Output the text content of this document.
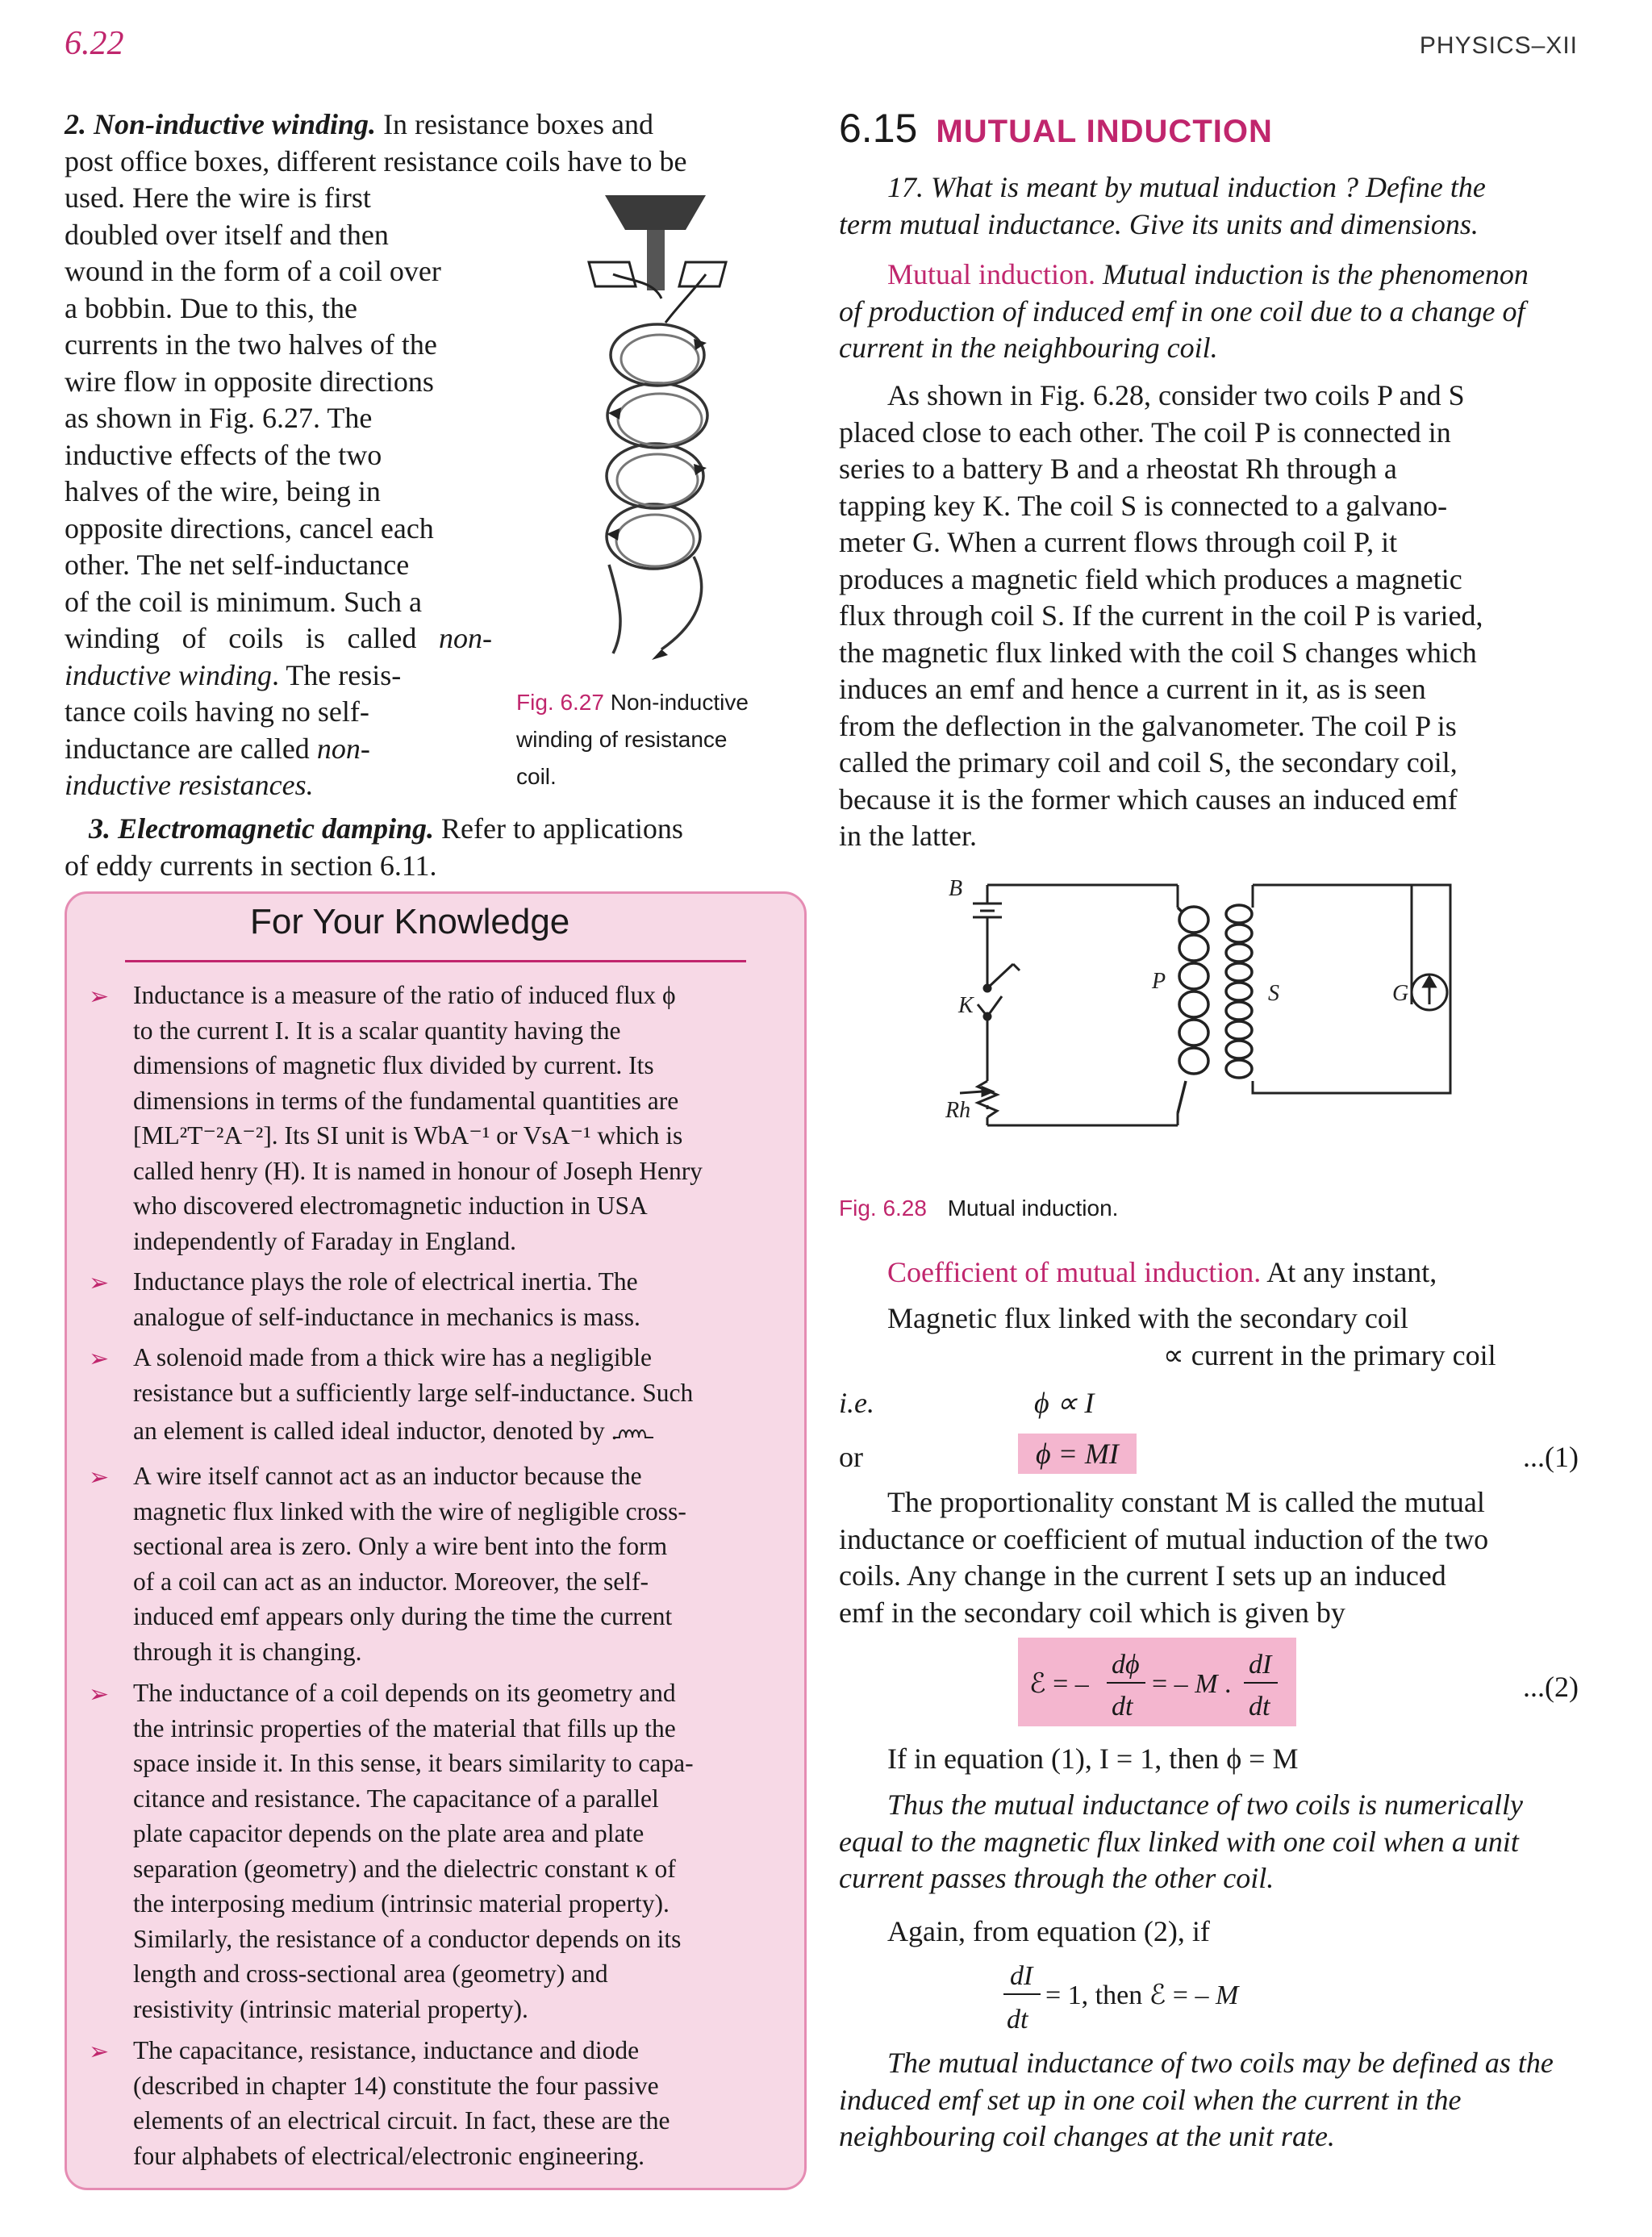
6.22	PHYSICS–XII

2. Non-inductive winding. In resistance boxes and

post office boxes, different resistance coils have to be

used. Here the wire is first

doubled over itself and then

wound in the form of a coil over

a bobbin. Due to this, the

currents in the two halves of the

wire flow in opposite directions

as shown in Fig. 6.27. The

inductive effects of the two

halves of the wire, being in

opposite directions, cancel each

other. The net self-inductance

of the coil is minimum. Such a

winding of coils is called non-inductive winding. The resis-

tance coils having no self-

inductance are called non-

inductive resistances.

Fig. 6.27 Non-inductive

winding of resistance

coil.

3. Electromagnetic damping. Refer to applications

of eddy currents in section 6.11.

For Your Knowledge
➢ Inductance is a measure of the ratio of induced flux ϕ

to the current I. It is a scalar quantity having the

dimensions of magnetic flux divided by current. Its

dimensions in terms of the fundamental quantities are

[ML²T⁻²A⁻²]. Its SI unit is WbA⁻¹ or VsA⁻¹ which is

called henry (H). It is named in honour of Joseph Henry

who discovered electromagnetic induction in USA

independently of Faraday in England.

➢ Inductance plays the role of electrical inertia. The

analogue of self-inductance in mechanics is mass.

➢ A solenoid made from a thick wire has a negligible

resistance but a sufficiently large self-inductance. Such

an element is called ideal inductor, denoted by .

➢ A wire itself cannot act as an inductor because the

magnetic flux linked with the wire of negligible cross-

sectional area is zero. Only a wire bent into the form

of a coil can act as an inductor. Moreover, the self-

induced emf appears only during the time the current

through it is changing.

➢ The inductance of a coil depends on its geometry and

the intrinsic properties of the material that fills up the

space inside it. In this sense, it bears similarity to capa-

citance and resistance. The capacitance of a parallel

plate capacitor depends on the plate area and plate

separation (geometry) and the dielectric constant κ of

the interposing medium (intrinsic material property).

Similarly, the resistance of a conductor depends on its

length and cross-sectional area (geometry) and

resistivity (intrinsic material property).

➢ The capacitance, resistance, inductance and diode

(described in chapter 14) constitute the four passive

elements of an electrical circuit. In fact, these are the

four alphabets of electrical/electronic engineering.

6.15 MUTUAL INDUCTION

17. What is meant by mutual induction ? Define the

term mutual inductance. Give its units and dimensions.

Mutual induction. Mutual induction is the phenomenon

of production of induced emf in one coil due to a change of

current in the neighbouring coil.

As shown in Fig. 6.28, consider two coils P and S

placed close to each other. The coil P is connected in

series to a battery B and a rheostat Rh through a

tapping key K. The coil S is connected to a galvano-

meter G. When a current flows through coil P, it

produces a magnetic field which produces a magnetic

flux through coil S. If the current in the coil P is varied,

the magnetic flux linked with the coil S changes which

induces an emf and hence a current in it, as is seen

from the deflection in the galvanometer. The coil P is

called the primary coil and coil S, the secondary coil,

because it is the former which causes an induced emf

in the latter.

B
K
Rh
P	S	G
Fig. 6.28 Mutual induction.

Coefficient of mutual induction. At any instant,

Magnetic flux linked with the secondary coil
∝ current in the primary coil
i.e.	ϕ ∝ I
or	ϕ = MI	...(1)

The proportionality constant M is called the mutual

inductance or coefficient of mutual induction of the two

coils. Any change in the current I sets up an induced

emf in the secondary coil which is given by

ℰ = –
dϕ
dt
= – M .
dI
dt
...(2)
If in equation (1), I = 1, then ϕ = M

Thus the mutual inductance of two coils is numerically

equal to the magnetic flux linked with one coil when a unit

current passes through the other coil.

Again, from equation (2), if
dI
dt
= 1, then ℰ = – M

The mutual inductance of two coils may be defined as the

induced emf set up in one coil when the current in the

neighbouring coil changes at the unit rate.
